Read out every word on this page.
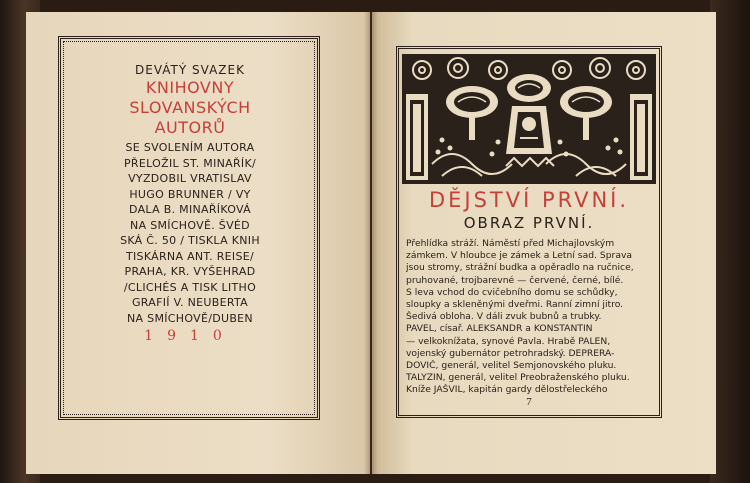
DEVÁTÝ SVAZEK
KNIHOVNY
SLOVANSKÝCH
AUTORŮ
SE SVOLENÍM AUTORA
PŘELOŽIL ST. MINAŘÍK/
VYZDOBIL VRATISLAV
HUGO BRUNNER / VY
DALA B. MINAŘÍKOVÁ
NA SMÍCHOVĚ. ŠVÉD
SKÁ Č. 50 / TISKLA KNIH
TISKÁRNA ANT. REISE/
PRAHA, KR. VYŠEHRAD
/CLICHÉS A TISK LITHO
GRAFIÍ V. NEUBERTA
NA SMÍCHOVĚ/DUBEN
1910
DĚJSTVÍ PRVNÍ.
OBRAZ PRVNÍ.
Přehlídka stráží. Náměstí před Michajlovským
zámkem. V hloubce je zámek a Letní sad. Sprava
jsou stromy, strážní budka a opěradlo na ručnice,
pruhované, trojbarevné — červené, černé, bílé.
S leva vchod do cvičebního domu se schůdky,
sloupky a skleněnými dveřmi. Ranní zimní jitro.
Šedivá obloha. V dáli zvuk bubnů a trubky.
PAVEL, císař. ALEKSANDR a KONSTANTIN
— velkoknížata, synové Pavla. Hrabě PALEN,
vojenský gubernátor petrohradský. DEPRERA-
DOVIČ, generál, velitel Semjonovského pluku.
TALYZIN, generál, velitel Preobraženského pluku.
Kníže JAŠVIL, kapitán gardy dělostřeleckého
7
